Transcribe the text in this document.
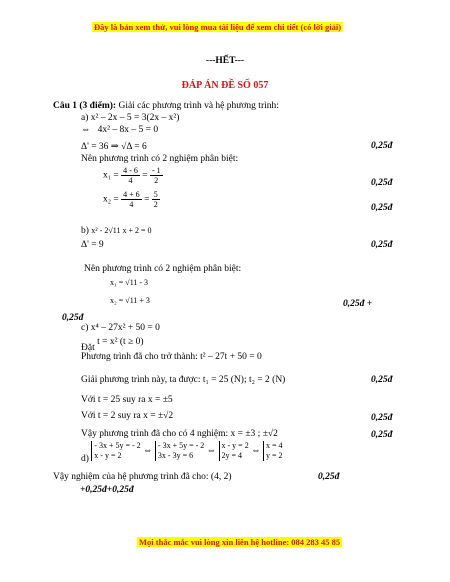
Đây là bản xem thử, vui lòng mua tài liệu để xem chi tiết (có lời giải)
---HẾT---
ĐÁP ÁN ĐỀ SỐ 057
Câu 1 (3 điểm): Giải các phương trình và hệ phương trình:
a) x² – 2x – 5 = 3(2x – x²)
⇔ 4x² – 8x – 5 = 0
Δ' = 36 ⇒ √Δ = 6	0,25đ
Nên phương trình có 2 nghiệm phân biệt:
$x_1 = \frac{4 - 6}{4} = \frac{- 1}{2}$	0,25đ
$x_2 = \frac{4 + 6}{4} = \frac{5}{2}$	0,25đ
b) x² - 2√11 x + 2 = 0
Δ' = 9	0,25đ
Nên phương trình có 2 nghiệm phân biệt:
x₁ = √11 - 3
x₂ = √11 + 3	0,25đ +
0,25đ
c) x⁴ – 27x² + 50 = 0
Đặt t = x² (t ≥ 0)
Phương trình đã cho trở thành: t² – 27t + 50 = 0
Giải phương trình này, ta được: t₁ = 25 (N); t₂ = 2 (N)	0,25đ
Với t = 25 suy ra x = ±5
Với t = 2 suy ra x = ±√2	0,25đ
Vậy phương trình đã cho có 4 nghiệm: x = ±3 ; ±√2	0,25đ
d)
- 3x + 5y = - 2
x - y = 2	⇔
- 3x + 5y = - 2
3x - 3y = 6	⇔
x - y = 2
2y = 4 ⇔
x = 4
y = 2
Vậy nghiệm của hệ phương trình đã cho: (4, 2)	0,25đ
+0,25đ+0,25đ
Mọi thắc mắc vui lòng xin liên hệ hotline: 084 283 45 85
